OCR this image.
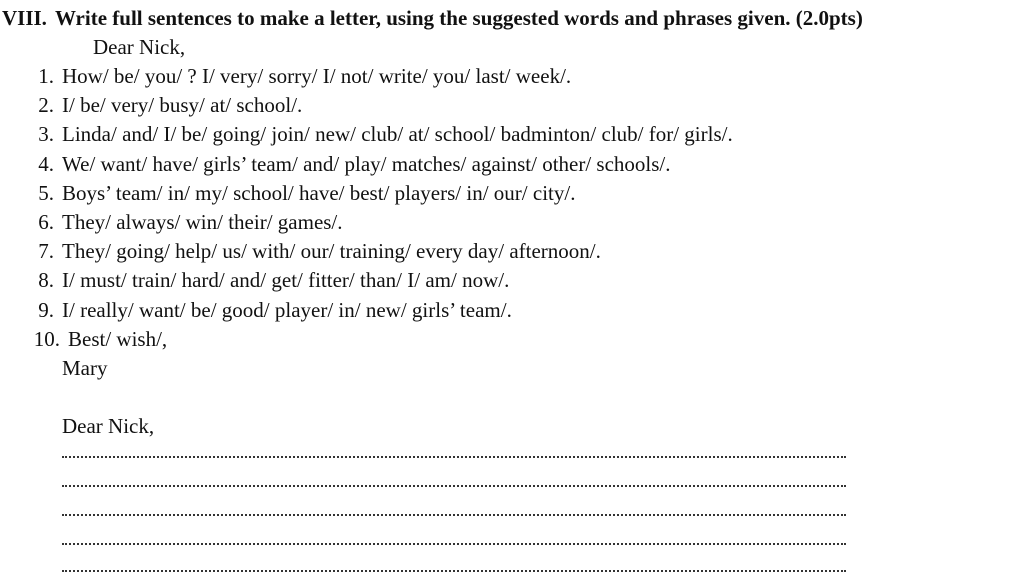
VIII. Write full sentences to make a letter, using the suggested words and phrases given. (2.0pts)
Dear Nick,
1. How/ be/ you/ ? I/ very/ sorry/ I/ not/ write/ you/ last/ week/.
2. I/ be/ very/ busy/ at/ school/.
3. Linda/ and/ I/ be/ going/ join/ new/ club/ at/ school/ badminton/ club/ for/ girls/.
4. We/ want/ have/ girls’ team/ and/ play/ matches/ against/ other/ schools/.
5. Boys’ team/ in/ my/ school/ have/ best/ players/ in/ our/ city/.
6. They/ always/ win/ their/ games/.
7. They/ going/ help/ us/ with/ our/ training/ every day/ afternoon/.
8. I/ must/ train/ hard/ and/ get/ fitter/ than/ I/ am/ now/.
9. I/ really/ want/ be/ good/ player/ in/ new/ girls’ team/.
10. Best/ wish/,
Mary
Dear Nick,
